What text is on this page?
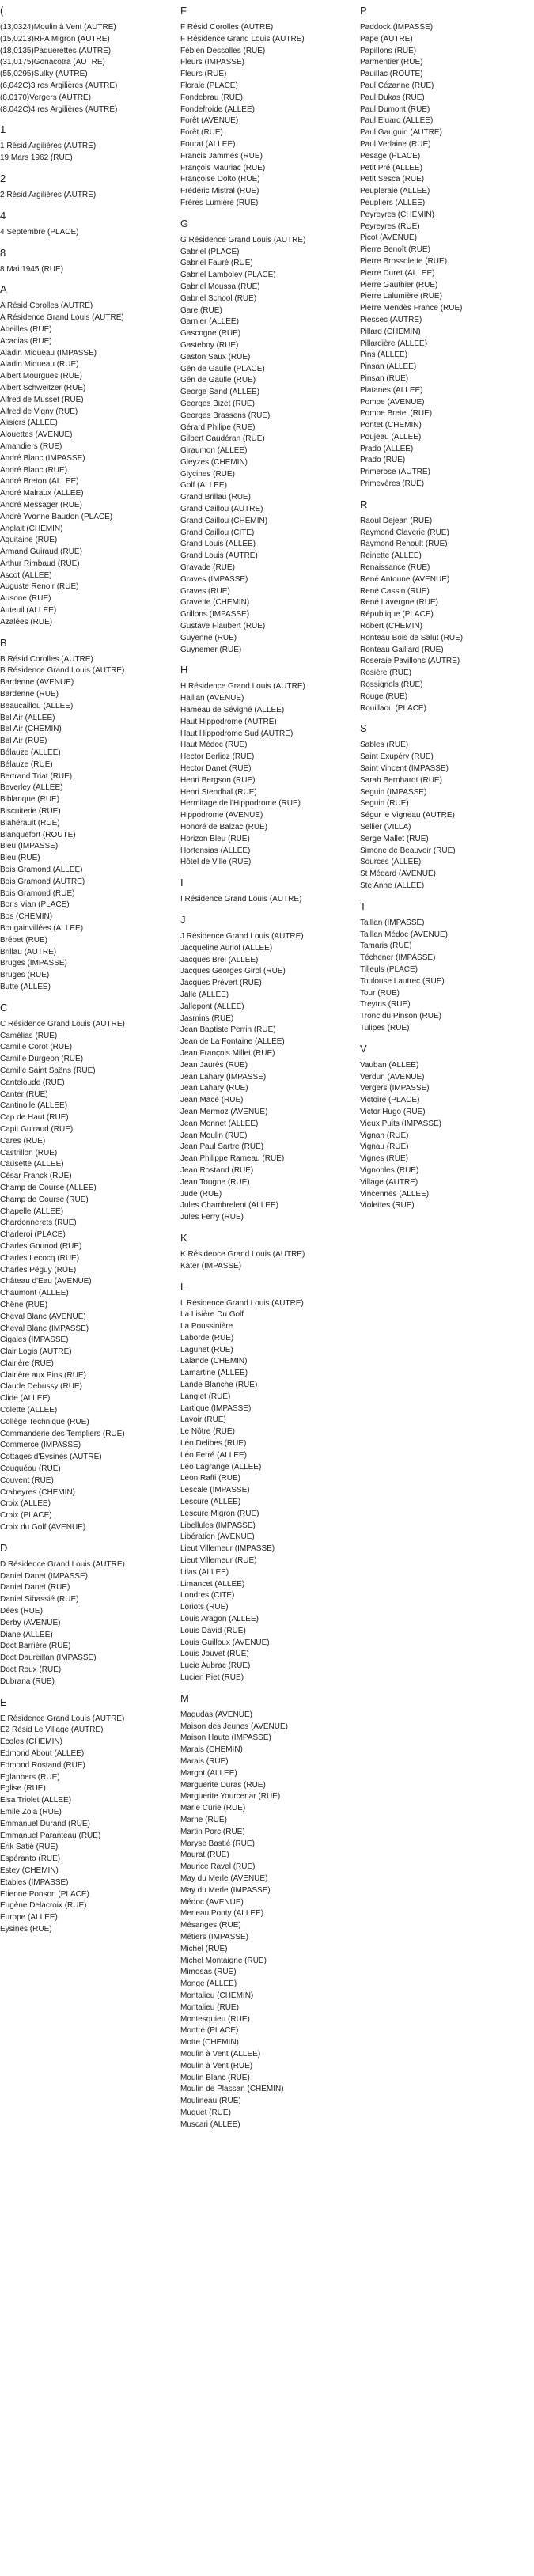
(
(13,0324)Moulin à Vent (AUTRE)
(15,0213)RPA Migron (AUTRE)
(18,0135)Paquerettes (AUTRE)
(31,0175)Gonacotra (AUTRE)
(55,0295)Sulky (AUTRE)
(6,042C)3 res Argilières (AUTRE)
(8,0170)Vergers (AUTRE)
(8,042C)4 res Argilières (AUTRE)
1
1 Résid Argilières (AUTRE)
19 Mars 1962 (RUE)
2
2 Résid Argilières (AUTRE)
4
4 Septembre (PLACE)
8
8 Mai 1945 (RUE)
A
A Résid Corolles (AUTRE)
A Résidence Grand Louis (AUTRE)
Abeilles (RUE)
Acacias (RUE)
Aladin Miqueau (IMPASSE)
Aladin Miqueau (RUE)
Albert Mourgues (RUE)
Albert Schweitzer (RUE)
Alfred de Musset (RUE)
Alfred de Vigny (RUE)
Alisiers (ALLEE)
Alouettes (AVENUE)
Amandiers (RUE)
André Blanc (IMPASSE)
André Blanc (RUE)
André Breton (ALLEE)
André Malraux (ALLEE)
André Messager (RUE)
André Yvonne Baudon (PLACE)
Anglait (CHEMIN)
Aquitaine (RUE)
Armand Guiraud (RUE)
Arthur Rimbaud (RUE)
Ascot (ALLEE)
Auguste Renoir (RUE)
Ausone (RUE)
Auteuil (ALLEE)
Azalées (RUE)
B
B Résid Corolles (AUTRE)
B Résidence Grand Louis (AUTRE)
Bardenne (AVENUE)
Bardenne (RUE)
Beaucaillou (ALLEE)
Bel Air (ALLEE)
Bel Air (CHEMIN)
Bel Air (RUE)
Bélauze (ALLEE)
Bélauze (RUE)
Bertrand Triat (RUE)
Beverley (ALLEE)
Biblanque (RUE)
Biscuiterie (RUE)
Blahérauit (RUE)
Blanquefort (ROUTE)
Bleu (IMPASSE)
Bleu (RUE)
Bois Gramond (ALLEE)
Bois Gramond (AUTRE)
Bois Gramond (RUE)
Boris Vian (PLACE)
Bos (CHEMIN)
Bougainvillées (ALLEE)
Brébet (RUE)
Brillau (AUTRE)
Bruges (IMPASSE)
Bruges (RUE)
Butte (ALLEE)
C
C Résidence Grand Louis (AUTRE)
Camélias (RUE)
Camille Corot (RUE)
Camille Durgeon (RUE)
Camille Saint Saëns (RUE)
Canteloude (RUE)
Canter (RUE)
Cantinolle (ALLEE)
Cap de Haut (RUE)
Capit Guiraud (RUE)
Cares (RUE)
Castrillon (RUE)
Causette (ALLEE)
César Franck (RUE)
Champ de Course (ALLEE)
Champ de Course (RUE)
Chapelle (ALLEE)
Chardonnerets (RUE)
Charleroi (PLACE)
Charles Gounod (RUE)
Charles Lecocq (RUE)
Charles Péguy (RUE)
Château d'Eau (AVENUE)
Chaumont (ALLEE)
Chêne (RUE)
Cheval Blanc (AVENUE)
Cheval Blanc (IMPASSE)
Cigales (IMPASSE)
Clair Logis (AUTRE)
Clairière (RUE)
Clairière aux Pins (RUE)
Claude Debussy (RUE)
Clide (ALLEE)
Colette (ALLEE)
Collège Technique (RUE)
Commanderie des Templiers (RUE)
Commerce (IMPASSE)
Cottages d'Eysines (AUTRE)
Couquéou (RUE)
Couvent (RUE)
Crabeyres (CHEMIN)
Croix (ALLEE)
Croix (PLACE)
Croix du Golf (AVENUE)
D
D Résidence Grand Louis (AUTRE)
Daniel Danet (IMPASSE)
Daniel Danet (RUE)
Daniel Sibassié (RUE)
Dées (RUE)
Derby (AVENUE)
Diane (ALLEE)
Doct Barrière (RUE)
Doct Daureillan (IMPASSE)
Doct Roux (RUE)
Dubrana (RUE)
E
E Résidence Grand Louis (AUTRE)
E2 Résid Le Village (AUTRE)
Ecoles (CHEMIN)
Edmond About (ALLEE)
Edmond Rostand (RUE)
Eglanbers (RUE)
Eglise (RUE)
Elsa Triolet (ALLEE)
Emile Zola (RUE)
Emmanuel Durand (RUE)
Emmanuel Paranteau (RUE)
Erik Satié (RUE)
Espéranto (RUE)
Estey (CHEMIN)
Etables (IMPASSE)
Etienne Ponson (PLACE)
Eugène Delacroix (RUE)
Europe (ALLEE)
Eysines (RUE)
F
F Résid Corolles (AUTRE)
F Résidence Grand Louis (AUTRE)
Fébien Dessolles (RUE)
Fleurs (IMPASSE)
Fleurs (RUE)
Florale (PLACE)
Fondebrau (RUE)
Fondefroide (ALLEE)
Forêt (AVENUE)
Forêt (RUE)
Fourat (ALLEE)
Francis Jammes (RUE)
François Mauriac (RUE)
Françoise Dolto (RUE)
Frédéric Mistral (RUE)
Frères Lumière (RUE)
G
G Résidence Grand Louis (AUTRE)
Gabriel (PLACE)
Gabriel Fauré (RUE)
Gabriel Lamboley (PLACE)
Gabriel Moussa (RUE)
Gabriel School (RUE)
Gare (RUE)
Garnier (ALLEE)
Gascogne (RUE)
Gasteboy (RUE)
Gaston Saux (RUE)
Gén de Gaulle (PLACE)
Gén de Gaulle (RUE)
George Sand (ALLEE)
Georges Bizet (RUE)
Georges Brassens (RUE)
Gérard Philipe (RUE)
Gilbert Caudéran (RUE)
Giraumon (ALLEE)
Gleyzes (CHEMIN)
Glycines (RUE)
Golf (ALLEE)
Grand Brillau (RUE)
Grand Caillou (AUTRE)
Grand Caillou (CHEMIN)
Grand Caillou (CITE)
Grand Louis (ALLEE)
Grand Louis (AUTRE)
Gravade (RUE)
Graves (IMPASSE)
Graves (RUE)
Gravette (CHEMIN)
Grillons (IMPASSE)
Gustave Flaubert (RUE)
Guyenne (RUE)
Guynemer (RUE)
H
H Résidence Grand Louis (AUTRE)
Haillan (AVENUE)
Hameau de Sévigné (ALLEE)
Haut Hippodrome (AUTRE)
Haut Hippodrome Sud (AUTRE)
Haut Médoc (RUE)
Hector Berlioz (RUE)
Hector Danet (RUE)
Henri Bergson (RUE)
Henri Stendhal (RUE)
Hermitage de l'Hippodrome (RUE)
Hippodrome (AVENUE)
Honoré de Balzac (RUE)
Horizon Bleu (RUE)
Hortensias (ALLEE)
Hôtel de Ville (RUE)
I
I Résidence Grand Louis (AUTRE)
J
J Résidence Grand Louis (AUTRE)
Jacqueline Auriol (ALLEE)
Jacques Brel (ALLEE)
Jacques Georges Girol (RUE)
Jacques Prévert (RUE)
Jalle (ALLEE)
Jallepont (ALLEE)
Jasmins (RUE)
Jean Baptiste Perrin (RUE)
Jean de La Fontaine (ALLEE)
Jean François Millet (RUE)
Jean Jaurès (RUE)
Jean Lahary (IMPASSE)
Jean Lahary (RUE)
Jean Macé (RUE)
Jean Mermoz (AVENUE)
Jean Monnet (ALLEE)
Jean Moulin (RUE)
Jean Paul Sartre (RUE)
Jean Philippe Rameau (RUE)
Jean Rostand (RUE)
Jean Tougne (RUE)
Jude (RUE)
Jules Chambrelent (ALLEE)
Jules Ferry (RUE)
K
K Résidence Grand Louis (AUTRE)
Kater (IMPASSE)
L
L Résidence Grand Louis (AUTRE)
La Lisière Du Golf
La Poussinière
Laborde (RUE)
Lagunet (RUE)
Lalande (CHEMIN)
Lamartine (ALLEE)
Lande Blanche (RUE)
Langlet (RUE)
Lartique (IMPASSE)
Lavoir (RUE)
Le Nôtre (RUE)
Léo Delibes (RUE)
Léo Ferré (ALLEE)
Léo Lagrange (ALLEE)
Léon Raffi (RUE)
Lescale (IMPASSE)
Lescure (ALLEE)
Lescure Migron (RUE)
Libellules (IMPASSE)
Libération (AVENUE)
Lieut Villemeur (IMPASSE)
Lieut Villemeur (RUE)
Lilas (ALLEE)
Limancet (ALLEE)
Londres (CITE)
Loriots (RUE)
Louis Aragon (ALLEE)
Louis David (RUE)
Louis Guilloux (AVENUE)
Louis Jouvet (RUE)
Lucie Aubrac (RUE)
Lucien Piet (RUE)
M
Magudas (AVENUE)
Maison des Jeunes (AVENUE)
Maison Haute (IMPASSE)
Marais (CHEMIN)
Marais (RUE)
Margot (ALLEE)
Marguerite Duras (RUE)
Marguerite Yourcenar (RUE)
Marie Curie (RUE)
Marne (RUE)
Martin Porc (RUE)
Maryse Bastié (RUE)
Maurat (RUE)
Maurice Ravel (RUE)
May du Merle (AVENUE)
May du Merle (IMPASSE)
Médoc (AVENUE)
Merleau Ponty (ALLEE)
Mésanges (RUE)
Métiers (IMPASSE)
Michel (RUE)
Michel Montaigne (RUE)
Mimosas (RUE)
Monge (ALLEE)
Montalieu (CHEMIN)
Montalieu (RUE)
Montesquieu (RUE)
Montré (PLACE)
Motte (CHEMIN)
Moulin à Vent (ALLEE)
Moulin à Vent (RUE)
Moulin Blanc (RUE)
Moulin de Plassan (CHEMIN)
Moulineau (RUE)
Muguet (RUE)
Muscari (ALLEE)
P
Paddock (IMPASSE)
Pape (AUTRE)
Papillons (RUE)
Parmentier (RUE)
Pauillac (ROUTE)
Paul Cézanne (RUE)
Paul Dukas (RUE)
Paul Dumont (RUE)
Paul Eluard (ALLEE)
Paul Gauguin (AUTRE)
Paul Verlaine (RUE)
Pesage (PLACE)
Petit Pré (ALLEE)
Petit Sesca (RUE)
Peupleraie (ALLEE)
Peupliers (ALLEE)
Peyreyres (CHEMIN)
Peyreyres (RUE)
Picot (AVENUE)
Pierre Benoît (RUE)
Pierre Brossolette (RUE)
Pierre Duret (ALLEE)
Pierre Gauthier (RUE)
Pierre Lalumière (RUE)
Pierre Mendès France (RUE)
Piessec (AUTRE)
Pillard (CHEMIN)
Pillardière (ALLEE)
Pins (ALLEE)
Pinsan (ALLEE)
Pinsan (RUE)
Platanes (ALLEE)
Pompe (AVENUE)
Pompe Bretel (RUE)
Pontet (CHEMIN)
Poujeau (ALLEE)
Prado (ALLEE)
Prado (RUE)
Primerose (AUTRE)
Primevères (RUE)
R
Raoul Dejean (RUE)
Raymond Claverie (RUE)
Raymond Renoult (RUE)
Reinette (ALLEE)
Renaissance (RUE)
René Antoune (AVENUE)
René Cassin (RUE)
René Lavergne (RUE)
République (PLACE)
Robert (CHEMIN)
Ronteau Bois de Salut (RUE)
Ronteau Gaillard (RUE)
Roseraie Pavillons (AUTRE)
Rosière (RUE)
Rossignols (RUE)
Rouge (RUE)
Rouillaou (PLACE)
S
Sables (RUE)
Saint Exupéry (RUE)
Saint Vincent (IMPASSE)
Sarah Bernhardt (RUE)
Seguin (IMPASSE)
Seguin (RUE)
Ségur le Vigneau (AUTRE)
Sellier (VILLA)
Serge Mallet (RUE)
Simone de Beauvoir (RUE)
Sources (ALLEE)
St Médard (AVENUE)
Ste Anne (ALLEE)
T
Taillan (IMPASSE)
Taillan Médoc (AVENUE)
Tamaris (RUE)
Téchener (IMPASSE)
Tilleuls (PLACE)
Toulouse Lautrec (RUE)
Tour (RUE)
Treytns (RUE)
Tronc du Pinson (RUE)
Tulipes (RUE)
V
Vauban (ALLEE)
Verdun (AVENUE)
Vergers (IMPASSE)
Victoire (PLACE)
Victor Hugo (RUE)
Vieux Puits (IMPASSE)
Vignan (RUE)
Vignau (RUE)
Vignes (RUE)
Vignobles (RUE)
Village (AUTRE)
Vincennes (ALLEE)
Violettes (RUE)
